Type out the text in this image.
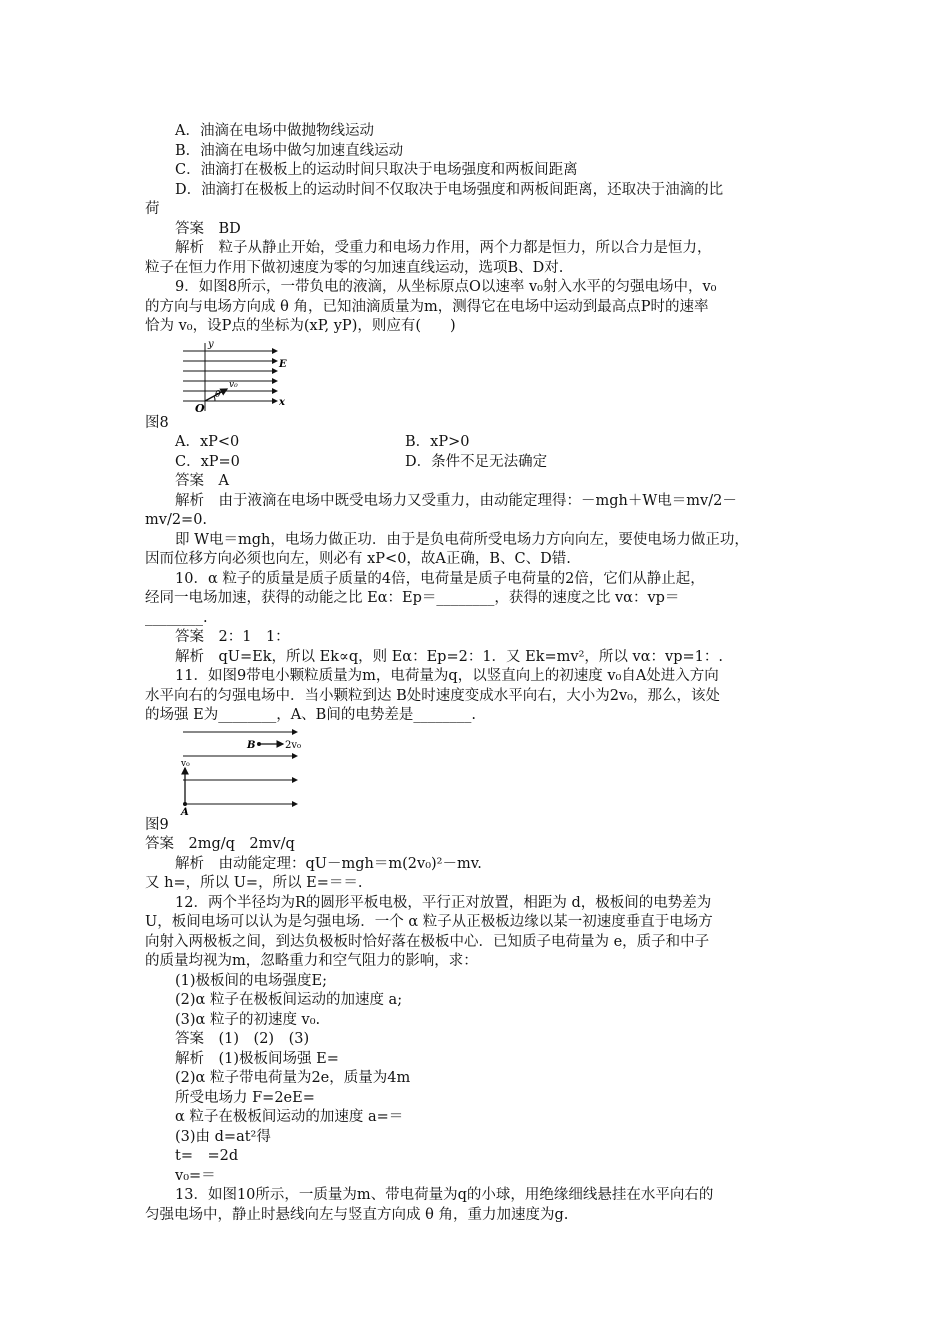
A．油滴在电场中做抛物线运动
B．油滴在电场中做匀加速直线运动
C．油滴打在极板上的运动时间只取决于电场强度和两板间距离
D．油滴打在极板上的运动时间不仅取决于电场强度和两板间距离，还取决于油滴的比
荷
答案　BD
解析　粒子从静止开始，受重力和电场力作用，两个力都是恒力，所以合力是恒力，
粒子在恒力作用下做初速度为零的匀加速直线运动，选项B、D对.
9．如图8所示，一带负电的液滴，从坐标原点O以速率 v₀射入水平的匀强电场中，v₀
的方向与电场方向成 θ 角，已知油滴质量为m，测得它在电场中运动到最高点P时的速率
恰为 v₀，设P点的坐标为(xP, yP)，则应有(　　)
y
E
v₀
θ
x
O
图8
A．xP<0	B．xP>0
C．xP=0	D．条件不足无法确定
答案　A
解析　由于液滴在电场中既受电场力又受重力，由动能定理得：－mgh＋W电＝mv/2－
mv/2=0.
即 W电＝mgh，电场力做正功．由于是负电荷所受电场力方向向左，要使电场力做正功，
因而位移方向必须也向左，则必有 xP<0，故A正确，B、C、D错.
10．α 粒子的质量是质子质量的4倍，电荷量是质子电荷量的2倍，它们从静止起，
经同一电场加速，获得的动能之比 Eα：Ep＝________，获得的速度之比 vα：vp＝
________.
答案　2：1　1：
解析　qU=Ek，所以 Ek∝q，则 Eα：Ep=2：1．又 Ek=mv²，所以 vα：vp=1：.
11．如图9带电小颗粒质量为m，电荷量为q，以竖直向上的初速度 v₀自A处进入方向
水平向右的匀强电场中．当小颗粒到达 B处时速度变成水平向右，大小为2v₀，那么，该处
的场强 E为________，A、B间的电势差是________.
B	2v₀
v₀
A
图9
答案　2mg/q　2mv/q
解析　由动能定理：qU－mgh＝m(2v₀)²－mv.
又 h=，所以 U=，所以 E=＝＝.
12．两个半径均为R的圆形平板电极，平行正对放置，相距为 d，极板间的电势差为
U，板间电场可以认为是匀强电场．一个 α 粒子从正极板边缘以某一初速度垂直于电场方
向射入两极板之间，到达负极板时恰好落在极板中心．已知质子电荷量为 e，质子和中子
的质量均视为m，忽略重力和空气阻力的影响，求：
(1)极板间的电场强度E;
(2)α 粒子在极板间运动的加速度 a;
(3)α 粒子的初速度 v₀.
答案　(1)　(2)　(3)
解析　(1)极板间场强 E=
(2)α 粒子带电荷量为2e，质量为4m
所受电场力 F=2eE=
α 粒子在极板间运动的加速度 a=＝
(3)由 d=at²得
t=　=2d
v₀=＝
13．如图10所示，一质量为m、带电荷量为q的小球，用绝缘细线悬挂在水平向右的
匀强电场中，静止时悬线向左与竖直方向成 θ 角，重力加速度为g.
